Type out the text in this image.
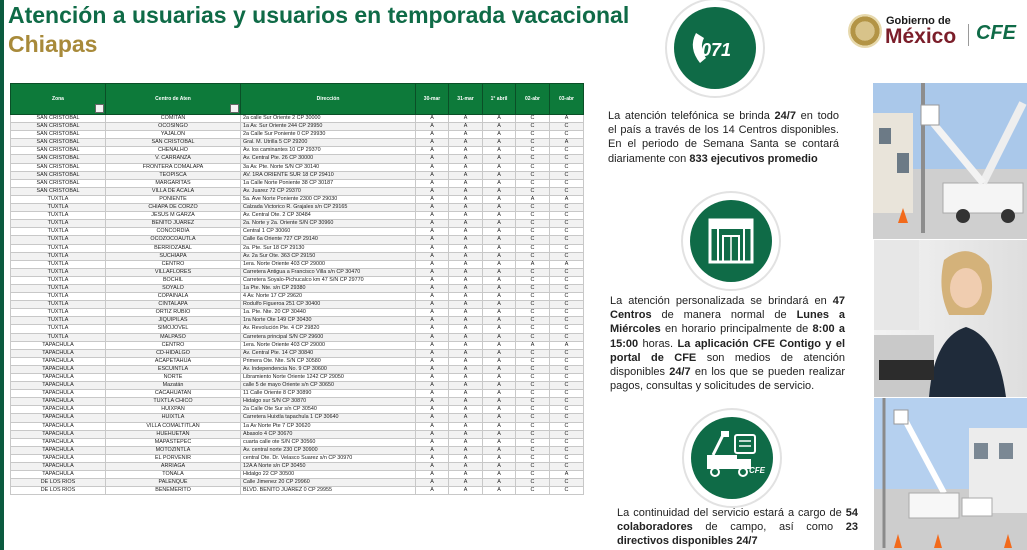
Atención a usuarias y usuarios en temporada vacacional
Chiapas
Gobierno de
México CFE
Zona	Centro de Aten	Dirección	30-mar	31-mar	1° abril	02-abr	03-abr
SAN CRISTOBAL	COMITAN	2a calle Sur Oriente 2 CP 30000	A	A	A	C	A
SAN CRISTOBAL	OCOSINGO	1a Av. Sur Oriente 244 CP 29950	A	A	A	C	C
SAN CRISTOBAL	YAJALON	2a Calle Sur Poniente 0 CP 29930	A	A	A	C	C
SAN CRISTOBAL	SAN CRISTOBAL	Gral. M. Utrilla 5 CP 29200	A	A	A	C	A
SAN CRISTOBAL	CHENALHO	Av. los caminantes 10 CP 29370	A	A	A	C	C
SAN CRISTOBAL	V. CARRANZA	Av. Central Pte. 26 CP 30000	A	A	A	C	C
SAN CRISTOBAL	FRONTERA COMALAPA	3a Av. Pte. Norte S/N CP 30140	A	A	A	C	C
SAN CRISTOBAL	TEOPISCA	AV. 1RA ORIENTE SUR 18 CP 29410	A	A	A	C	C
SAN CRISTOBAL	MARGARITAS	1a Calle Norte Poniente 38 CP 30187	A	A	A	C	C
SAN CRISTOBAL	VILLA DE ACALA	Av. Juarez 72 CP 29370	A	A	A	C	C
TUXTLA	PONIENTE	5a. Ave Norte Poniente 2300 CP 29030	A	A	A	A	A
TUXTLA	CHIAPA DE CORZO	Calzada Victorico R. Grajales s/n CP 29165	A	A	A	C	C
TUXTLA	JESUS M GARZA	Av. Central Ote. 2 CP 30484	A	A	A	C	C
TUXTLA	BENITO JUAREZ	2a. Norte y 2a. Oriente S/N CP 30960	A	A	A	C	C
TUXTLA	CONCORDIA	Central 1 CP 30060	A	A	A	C	C
TUXTLA	OCOZOCOAUTLA	Calle 6a Oriente 727 CP 29140	A	A	A	C	C
TUXTLA	BERRIOZABAL	2a. Pte. Sur 18 CP 29130	A	A	A	C	C
TUXTLA	SUCHIAPA	Av. 2a Sur Ote. 363 CP 29150	A	A	A	C	C
TUXTLA	CENTRO	1era. Norte Oriente 403 CP 29000	A	A	A	A	A
TUXTLA	VILLAFLORES	Carretera Antigua a Francisco Villa s/n CP 30470	A	A	A	C	C
TUXTLA	BOCHIL	Carretera Soyalo-Pichucalco km 47 S/N CP 29770	A	A	A	C	C
TUXTLA	SOYALO	1a Pte. Nte. s/n CP 29380	A	A	A	C	C
TUXTLA	COPAINALA	4 Av. Norte 17 CP 29620	A	A	A	C	C
TUXTLA	CINTALAPA	Rodulfo Figueroa 251 CP 30400	A	A	A	C	C
TUXTLA	ORTIZ RUBIO	1a. Pte. Nte. 20 CP 30440	A	A	A	C	C
TUXTLA	JIQUIPILAS	1ra Norte Ote 149 CP 30430	A	A	A	C	C
TUXTLA	SIMOJOVEL	Av. Revolución Pte. 4 CP 29820	A	A	A	C	C
TUXTLA	MALPASO	Carretera principal S/N CP 29600	A	A	A	C	C
TAPACHULA	CENTRO	1era. Norte Oriente 403 CP 29000	A	A	A	A	A
TAPACHULA	CD-HIDALGO	Av. Central Pte. 14 CP 30840	A	A	A	C	C
TAPACHULA	ACAPETAHUA	Primera Ote. Nte. S/N CP 30580	A	A	A	C	C
TAPACHULA	ESCUINTLA	Av. Independencia No. 9 CP 30600	A	A	A	C	C
TAPACHULA	NORTE	Libramiento Norte Oriente 1242 CP 29050	A	A	A	C	C
TAPACHULA	Mazatán	calle 5 de mayo Oriente s/n CP 30650	A	A	A	C	C
TAPACHULA	CACAHUATAN	11 Calle Oriente 8 CP 30890	A	A	A	C	C
TAPACHULA	TUXTLA CHICO	Hidalgo sur S/N CP 30870	A	A	A	C	C
TAPACHULA	HUIXPAN	2a Calle Ote Sur s/n CP 30540	A	A	A	C	C
TAPACHULA	HUIXTLA	Carretera Huixtla tapachula 1 CP 30640	A	A	A	C	C
TAPACHULA	VILLA COMALTITLAN	1a Av Norte Pte 7 CP 30620	A	A	A	C	C
TAPACHULA	HUEHUETAN	Abasolo 4 CP 30670	A	A	A	C	C
TAPACHULA	MAPASTEPEC	cuarta calle ote S/N CP 30560	A	A	A	C	C
TAPACHULA	MOTOZINTLA	Av. central norte 230 CP 30900	A	A	A	C	C
TAPACHULA	EL PORVENIR	central Ote. Dr. Velasco Suarez s/n CP 30970	A	A	A	C	C
TAPACHULA	ARRIAGA	12A A Norte s/n CP 30450	A	A	A	C	C
TAPACHULA	TONALA	Hidalgo 22 CP 30500	A	A	A	C	A
DE LOS RIOS	PALENQUE	Calle Jimenez 20 CP 29960	A	A	A	C	C
DE LOS RIOS	BENEMERITO	BLVD. BENITO JUAREZ 0 CP 29955	A	A	A	C	C
071
CFE
La atención telefónica se brinda 24/7 en todo el país a través de los 14 Centros disponibles. En el periodo de Semana Santa se contará diariamente con 833 ejecutivos promedio
La atención personalizada se brindará en 47 Centros de manera normal de Lunes a Miércoles en horario principalmente de 8:00 a 15:00 horas. La aplicación CFE Contigo y el portal de CFE son medios de atención disponibles 24/7 en los que se pueden realizar pagos, consultas y solicitudes de servicio.
La continuidad del servicio estará a cargo de 54 colaboradores de campo, así como 23 directivos disponibles 24/7
